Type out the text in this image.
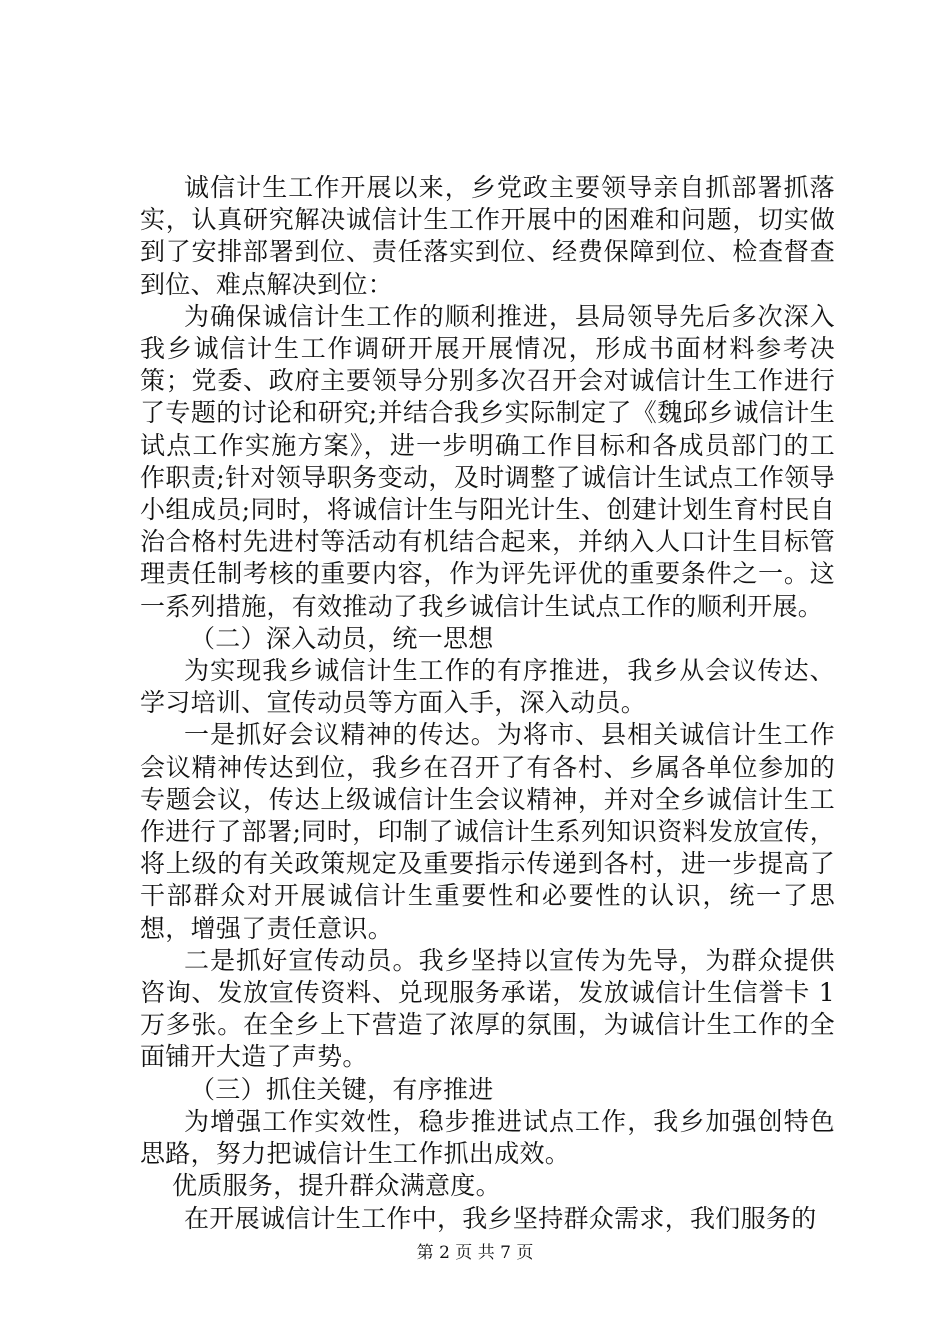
诚信计生工作开展以来，乡党政主要领导亲自抓部署抓落实，认真研究解决诚信计生工作开展中的困难和问题，切实做到了安排部署到位、责任落实到位、经费保障到位、检查督查到位、难点解决到位：

为确保诚信计生工作的顺利推进，县局领导先后多次深入我乡诚信计生工作调研开展开展情况，形成书面材料参考决策；党委、政府主要领导分别多次召开会对诚信计生工作进行了专题的讨论和研究;并结合我乡实际制定了《魏邱乡诚信计生试点工作实施方案》，进一步明确工作目标和各成员部门的工作职责;针对领导职务变动，及时调整了诚信计生试点工作领导小组成员;同时，将诚信计生与阳光计生、创建计划生育村民自治合格村先进村等活动有机结合起来，并纳入人口计生目标管理责任制考核的重要内容，作为评先评优的重要条件之一。这一系列措施，有效推动了我乡诚信计生试点工作的顺利开展。

（二）深入动员，统一思想

为实现我乡诚信计生工作的有序推进，我乡从会议传达、学习培训、宣传动员等方面入手，深入动员。

一是抓好会议精神的传达。为将市、县相关诚信计生工作会议精神传达到位，我乡在召开了有各村、乡属各单位参加的专题会议，传达上级诚信计生会议精神，并对全乡诚信计生工作进行了部署;同时，印制了诚信计生系列知识资料发放宣传，将上级的有关政策规定及重要指示传递到各村，进一步提高了干部群众对开展诚信计生重要性和必要性的认识，统一了思想，增强了责任意识。

二是抓好宣传动员。我乡坚持以宣传为先导，为群众提供咨询、发放宣传资料、兑现服务承诺，发放诚信计生信誉卡 1 万多张。在全乡上下营造了浓厚的氛围，为诚信计生工作的全面铺开大造了声势。

（三）抓住关键，有序推进

为增强工作实效性，稳步推进试点工作，我乡加强创特色思路，努力把诚信计生工作抓出成效。

优质服务，提升群众满意度。

在开展诚信计生工作中，我乡坚持群众需求，我们服务的

第 2 页 共 7 页
